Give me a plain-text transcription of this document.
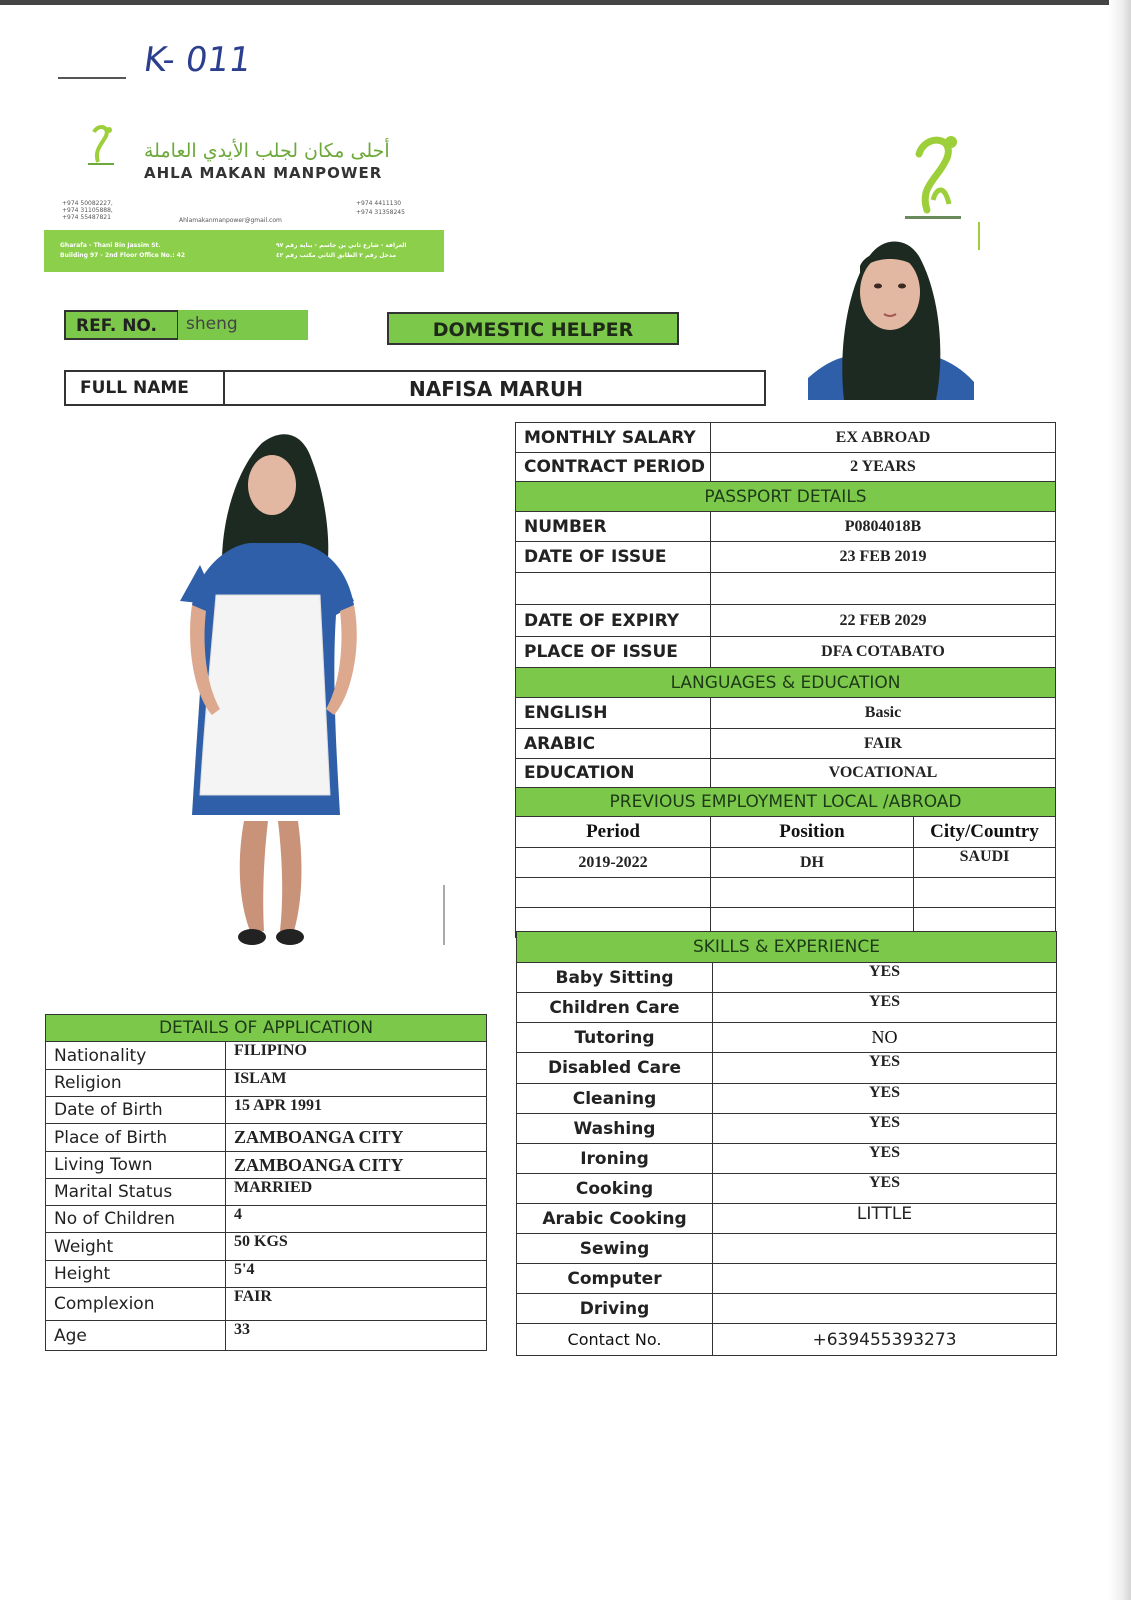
K- 011
أحلى مكان لجلب الأيدي العاملة
AHLA MAKAN MANPOWER
+974 50082227,
+974 31105888,
+974 55487821
+974 4411130
+974 31358245
Ahlamakanmanpower@gmail.com
Gharafa - Thani Bin Jassim St.
Building 97 - 2nd Floor Office No.: 42
الغرافة - شارع ثاني بن جاسم - بناية رقم ٩٧
مدخل رقم ٢ الطابق الثاني مكتب رقم ٤٢
REF. NO. sheng	DOMESTIC HELPER
FULL NAME	NAFISA MARUH
MONTHLY SALARY	EX ABROAD	
CONTRACT PERIOD	2 YEARS	
PASSPORT DETAILS		
NUMBER	P0804018B	
DATE OF ISSUE	23 FEB 2019	

DATE OF EXPIRY	22 FEB 2029	
PLACE OF ISSUE	DFA COTABATO	
LANGUAGES & EDUCATION		
ENGLISH	Basic	
ARABIC	FAIR	
EDUCATION	VOCATIONAL	
PREVIOUS EMPLOYMENT LOCAL /ABROAD		
Period	Position	City/Country
2019-2022	DH	SAUDI

SKILLS & EXPERIENCE	
Baby Sitting	YES
Children Care	YES
Tutoring	NO
Disabled Care	YES
Cleaning	YES
Washing	YES
Ironing	YES
Cooking	YES
Arabic Cooking	LITTLE
Sewing	
Computer	
Driving	
Contact No.	+639455393273
DETAILS OF APPLICATION	
Nationality	FILIPINO
Religion	ISLAM
Date of Birth	15 APR 1991
Place of Birth	ZAMBOANGA CITY
Living Town	ZAMBOANGA CITY
Marital Status	MARRIED
No of Children	4
Weight	50 KGS
Height	5'4
Complexion	FAIR
Age	33
